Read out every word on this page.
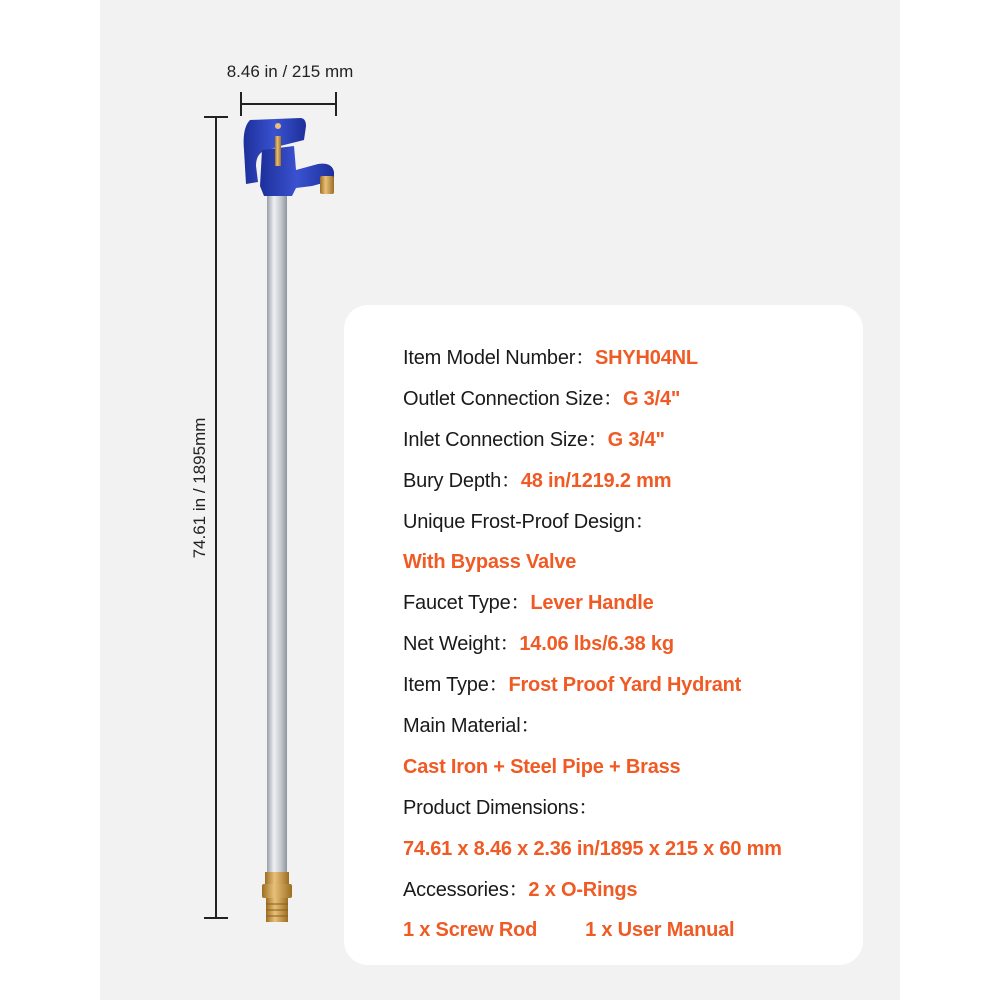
8.46 in / 215 mm
74.61 in / 1895mm
Item Model Number：SHYH04NL
Outlet Connection Size：G 3/4"
Inlet Connection Size：G 3/4"
Bury Depth：48 in/1219.2 mm
Unique Frost-Proof Design：
With Bypass Valve
Faucet Type：Lever Handle
Net Weight：14.06 lbs/6.38 kg
Item Type：Frost Proof Yard Hydrant
Main Material：
Cast Iron + Steel Pipe + Brass
Product Dimensions：
74.61 x 8.46 x 2.36 in/1895 x 215 x 60 mm
Accessories：2 x O-Rings
1 x Screw Rod 1 x User Manual
